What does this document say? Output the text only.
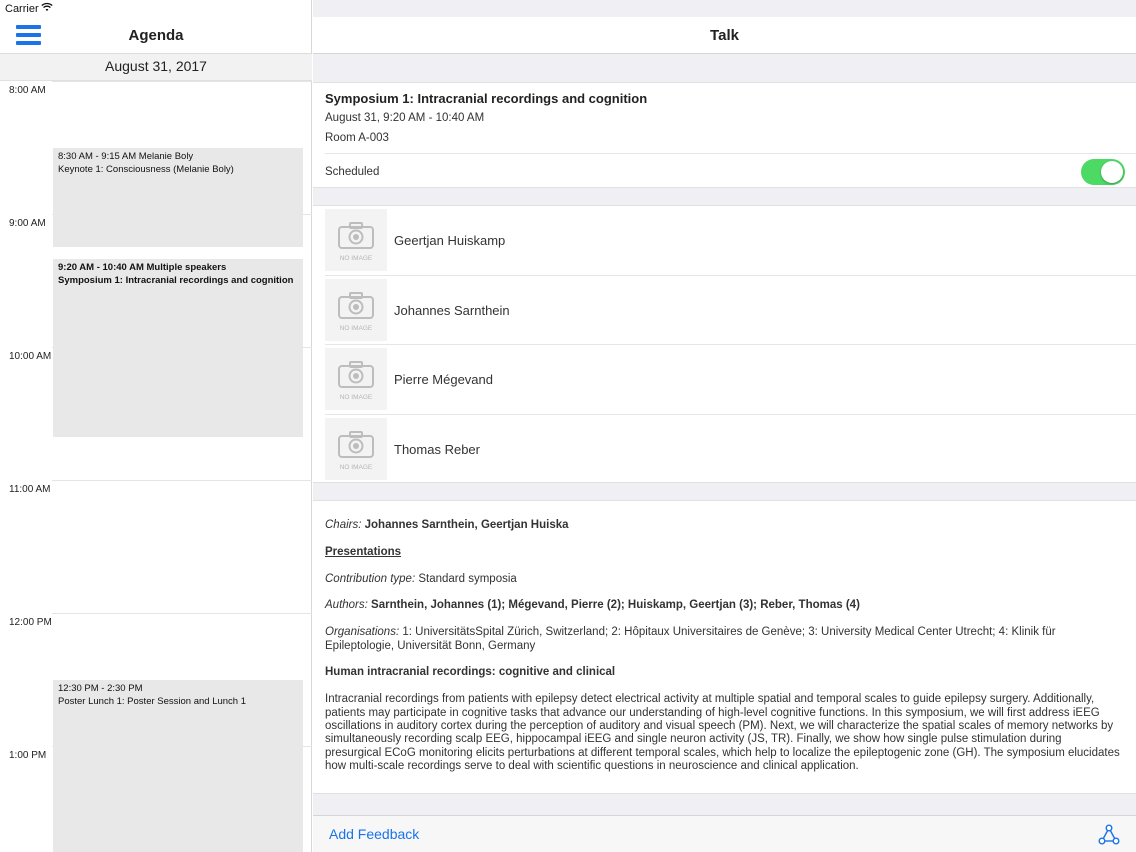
Carrier
Agenda
August 31, 2017
8:00 AM
9:00 AM
10:00 AM
11:00 AM
12:00 PM
1:00 PM
8:30 AM - 9:15 AM Melanie Boly
Keynote 1: Consciousness (Melanie Boly)
9:20 AM - 10:40 AM Multiple speakers
Symposium 1: Intracranial recordings and cognition
12:30 PM - 2:30 PM
Poster Lunch 1: Poster Session and Lunch 1
Talk
Symposium 1: Intracranial recordings and cognition
August 31, 9:20 AM - 10:40 AM
Room A-003
Scheduled
NO IMAGE
Geertjan Huiskamp
NO IMAGE
Johannes Sarnthein
NO IMAGE
Pierre Mégevand
NO IMAGE
Thomas Reber

Chairs: Johannes Sarnthein, Geertjan Huiska

Presentations

Contribution type: Standard symposia

Authors: Sarnthein, Johannes (1); Mégevand, Pierre (2); Huiskamp, Geertjan (3); Reber, Thomas (4)

Organisations: 1: UniversitätsSpital Zürich, Switzerland; 2: Hôpitaux Universitaires de Genève; 3: University Medical Center Utrecht; 4: Klinik für Epileptologie, Universität Bonn, Germany

Human intracranial recordings: cognitive and clinical

Intracranial recordings from patients with epilepsy detect electrical activity at multiple spatial and temporal scales to guide epilepsy surgery. Additionally, patients may participate in cognitive tasks that advance our understanding of high-level cognitive functions. In this symposium, we will first address iEEG oscillations in auditory cortex during the perception of auditory and visual speech (PM). Next, we will characterize the spatial scales of memory networks by simultaneously recording scalp EEG, hippocampal iEEG and single neuron activity (JS, TR). Finally, we show how single pulse stimulation during presurgical ECoG monitoring elicits perturbations at different temporal scales, which help to localize the epileptogenic zone (GH). The symposium elucidates how multi-scale recordings serve to deal with scientific questions in neuroscience and clinical application.

Add Feedback
